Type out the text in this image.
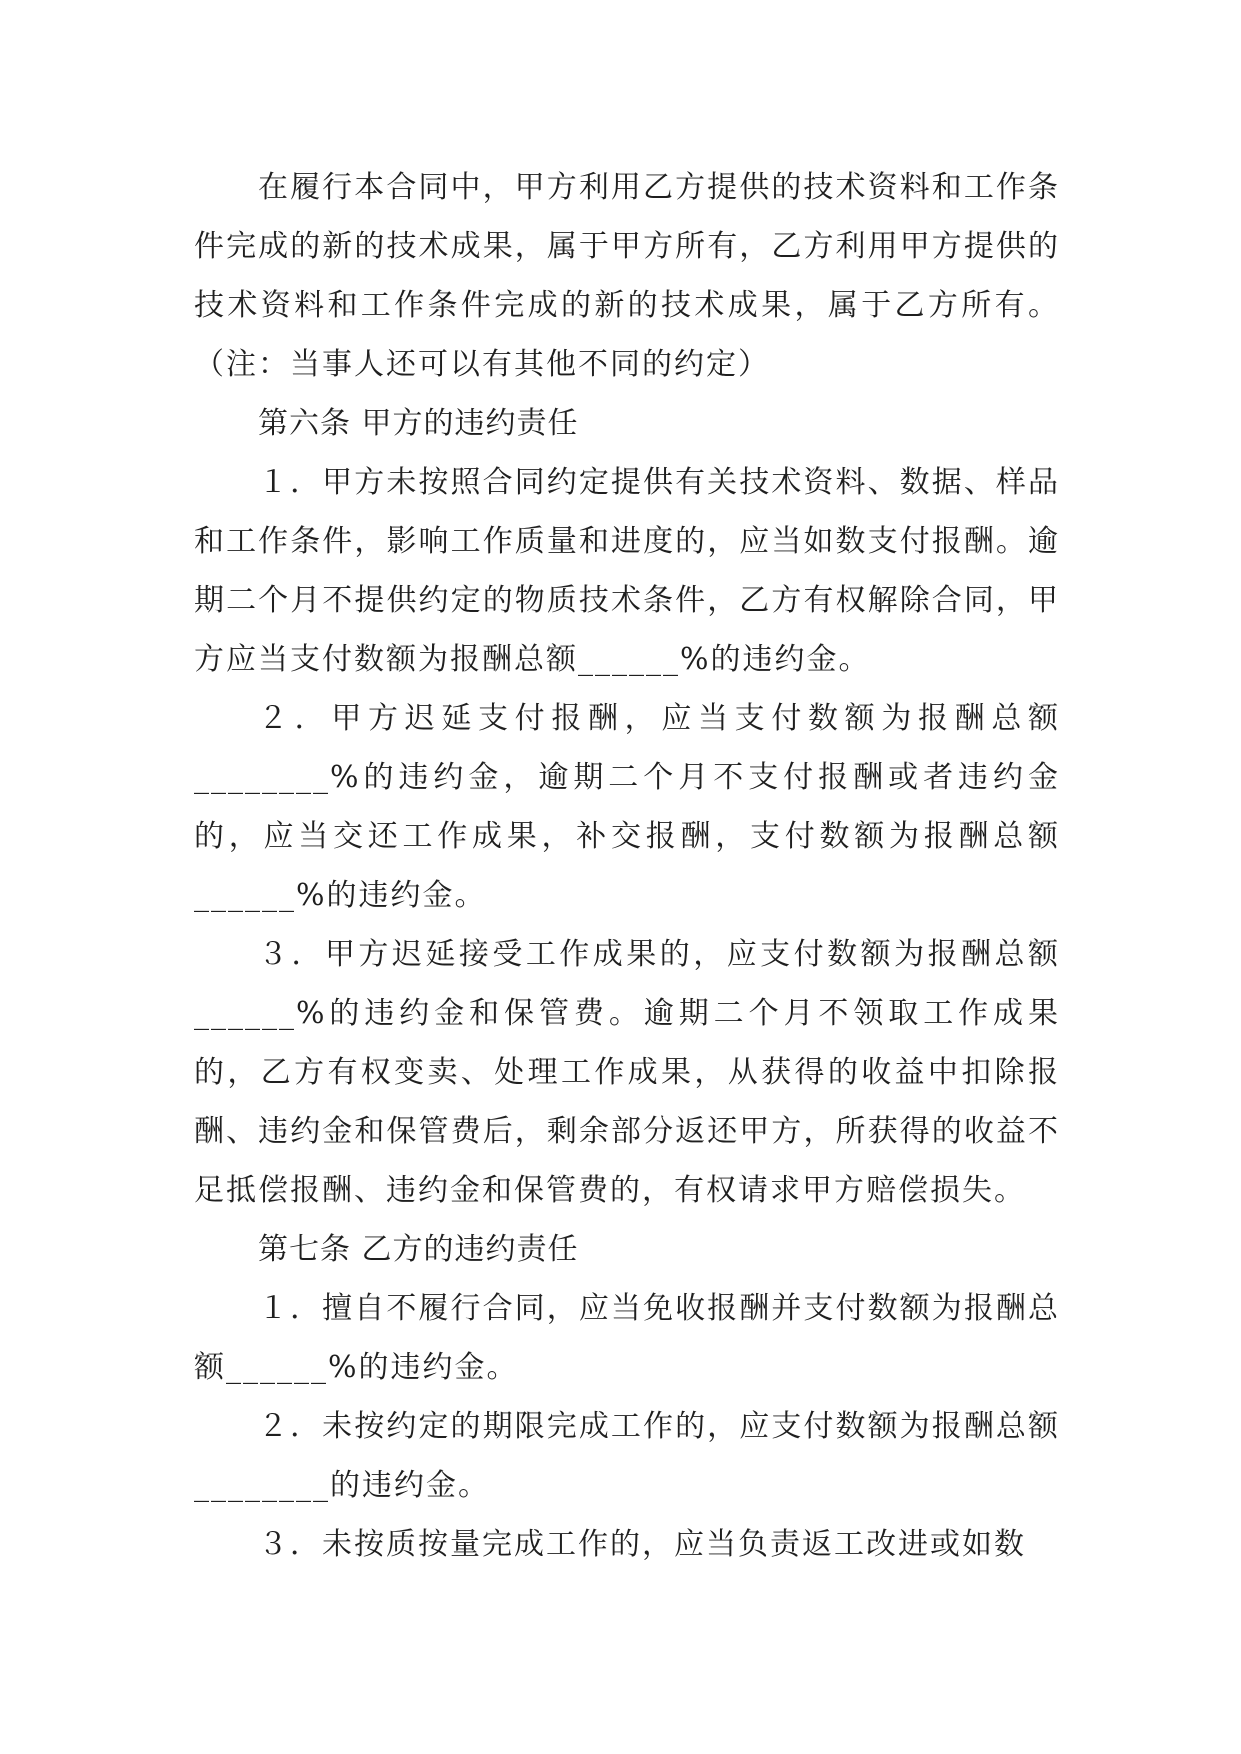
在履行本合同中，甲方利用乙方提供的技术资料和工作条件完成的新的技术成果，属于甲方所有，乙方利用甲方提供的技术资料和工作条件完成的新的技术成果，属于乙方所有。（注：当事人还可以有其他不同的约定）

第六条 甲方的违约责任

１．甲方未按照合同约定提供有关技术资料、数据、样品和工作条件，影响工作质量和进度的，应当如数支付报酬。逾期二个月不提供约定的物质技术条件，乙方有权解除合同，甲方应当支付数额为报酬总额______%的违约金。

２．甲方迟延支付报酬，应当支付数额为报酬总额________%的违约金，逾期二个月不支付报酬或者违约金的，应当交还工作成果，补交报酬，支付数额为报酬总额______%的违约金。

３．甲方迟延接受工作成果的，应支付数额为报酬总额______%的违约金和保管费。逾期二个月不领取工作成果的，乙方有权变卖、处理工作成果，从获得的收益中扣除报酬、违约金和保管费后，剩余部分返还甲方，所获得的收益不足抵偿报酬、违约金和保管费的，有权请求甲方赔偿损失。

第七条 乙方的违约责任

１．擅自不履行合同，应当免收报酬并支付数额为报酬总额______%的违约金。

２．未按约定的期限完成工作的，应支付数额为报酬总额________的违约金。

３．未按质按量完成工作的，应当负责返工改进或如数
